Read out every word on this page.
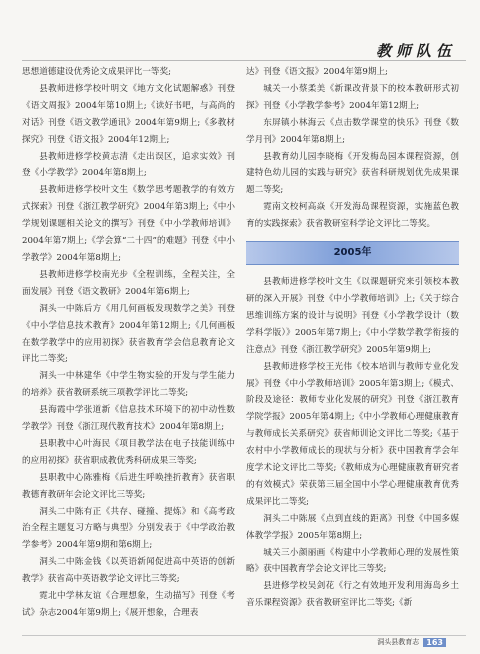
教师队伍

思想道德建设优秀论文成果评比一等奖;

县教师进修学校叶明文《地方文化试题解惑》刊登《语文周报》2004年第10期上;《读好书吧，与高尚的对话》刊登《语文教学通讯》2004年第9期上;《多教材探究》刊登《语文报》2004年12期上;

县教师进修学校黄志清《走出误区，追求实效》刊登《小学教学》2004年第8期上;

县教师进修学校叶文生《数学思考题教学的有效方式探索》刊登《浙江教学研究》2004年第3期上;《中小学规划课题相关论文的撰写》刊登《中小学教师培训》2004年第7期上;《学会算“二十四”的难题》刊登《中小学教学》2004年第8期上;

县教师进修学校南光步《全程训练，全程关注，全面发展》刊登《语文教研》2004年第6期上;

洞头一中陈后方《用几何画板发现数学之美》刊登《中小学信息技术教育》2004年第12期上;《几何画板在数学教学中的应用初探》获省教育学会信息教育论文评比二等奖;

洞头一中林建华《中学生物实验的开发与学生能力的培养》获省教研系统三项教学评比二等奖;

县海霞中学张道新《信息技术环境下的初中动性数学教学》刊登《浙江现代教育技术》2004年第8期上;

县职教中心叶海民《项目教学法在电子技能训练中的应用初探》获省职成教优秀科研成果三等奖;

县职教中心陈雅梅《后进生呼唤挫折教育》获省职教德育教研年会论文评比三等奖;

洞头二中陈有正《共存、碰撞、提炼》和《高考政治全程主题复习方略与典型》分别发表于《中学政治教学参考》2004年第9期和第6期上;

洞头二中陈金钱《以英语新闻促进高中英语的创新教学》获省高中英语教学论文评比三等奖;

霓北中学林友谊《合理想象，生动描写》刊登《考试》杂志2004年第9期上;《展开想象，合理表

达》刊登《语文报》2004年第9期上;

城关一小蔡柔美《新课改背景下的校本教研形式初探》刊登《小学教学参考》2004年第12期上;

东屏镇小林海云《点击数学课堂的快乐》刊登《数学月刊》2004年第8期上;

县教育幼儿园李晓梅《开发梅岛园本课程资源，创建特色幼儿园的实践与研究》获省科研规划优先成果课题二等奖;

霓南文校柯高焱《开发海岛课程资源，实施蓝色教育的实践探索》获省教研室科学论文评比二等奖。

2005年

县教师进修学校叶文生《以课题研究来引领校本教研的深入开展》刊登《中小学教师培训》上;《关于综合思维训练方案的设计与说明》刊登《小学教学设计（数学科学版）》2005年第7期上;《中小学数学教学衔接的注意点》刊登《浙江教学研究》2005年第9期上;

县教师进修学校王光伟《校本培训与教师专业化发展》刊登《中小学教师培训》2005年第3期上;《模式、阶段及途径：教师专业化发展的研究》刊登《浙江教育学院学报》2005年第4期上;《中小学教师心理健康教育与教师成长关系研究》获省师训论文评比二等奖;《基于农村中小学教师成长的现状与分析》获中国教育学会年度学术论文评比二等奖;《教师成为心理健康教育研究者的有效模式》荣获第三届全国中小学心理健康教育优秀成果评比二等奖;

洞头二中陈展《点到直线的距离》刊登《中国多媒体教学学报》2005年第8期上;

城关三小颜丽画《构建中小学教师心理的发展性策略》获中国教育学会论文评比三等奖;

县进修学校吴剑花《行之有效地开发利用海岛乡土音乐课程资源》获省教研室评比二等奖;《新

洞头县教育志 163
